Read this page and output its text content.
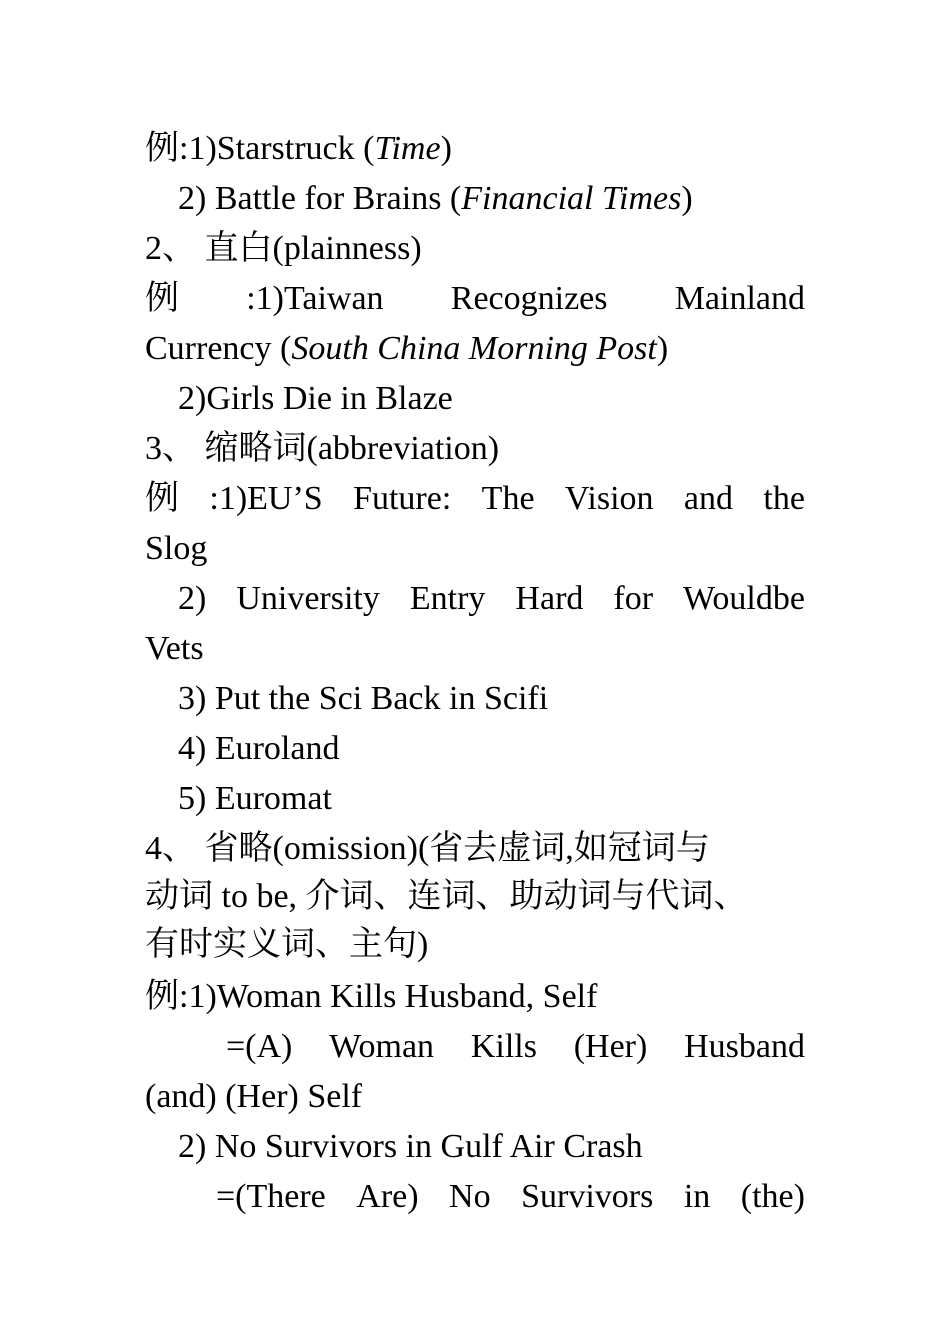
例:1)Starstruck (Time)
2) Battle for Brains (Financial Times)
2、 直白(plainness)
例 :1)Taiwan Recognizes Mainland
Currency (South China Morning Post)
2)Girls Die in Blaze
3、 缩略词(abbreviation)
例 :1)EU’S Future: The Vision and the
Slog
2) University Entry Hard for Wouldbe
Vets
3) Put the Sci Back in Scifi
4) Euroland
5) Euromat
4、 省略(omission)(省去虚词,如冠词与
动词 to be, 介词、连词、助动词与代词、
有时实义词、主句)
例:1)Woman Kills Husband, Self
=(A) Woman Kills (Her) Husband
(and) (Her) Self
2) No Survivors in Gulf Air Crash
=(There Are) No Survivors in (the)
